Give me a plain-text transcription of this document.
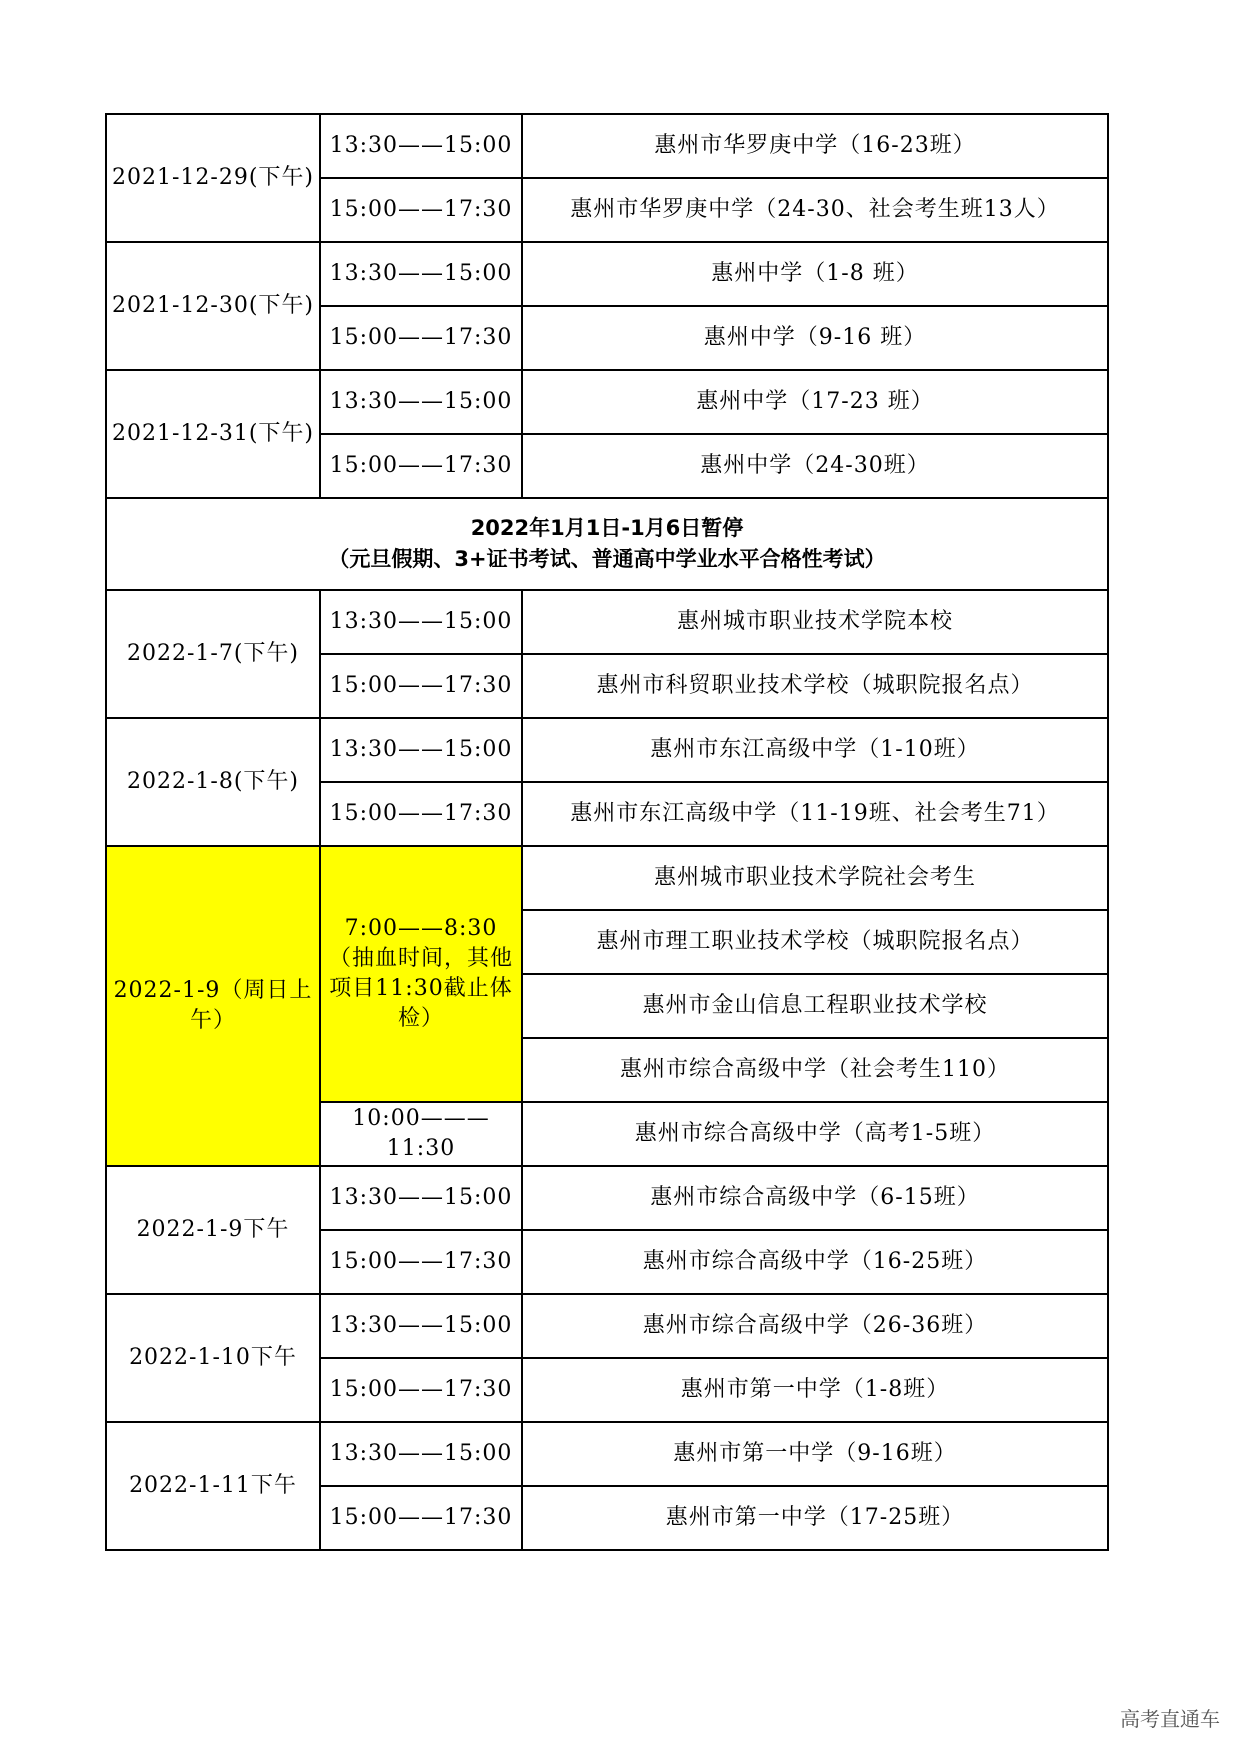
2021-12-29(下午)	13:30——15:00	惠州市华罗庚中学（16-23班）
	15:00——17:30	惠州市华罗庚中学（24-30、社会考生班13人）
2021-12-30(下午)	13:30——15:00	惠州中学（1-8 班）
	15:00——17:30	惠州中学（9-16 班）
2021-12-31(下午)	13:30——15:00	惠州中学（17-23 班）
	15:00——17:30	惠州中学（24-30班）

2022年1月1日-1月6日暂停
（元旦假期、3+证书考试、普通高中学业水平合格性考试）		

2022-1-7(下午)	13:30——15:00	惠州城市职业技术学院本校
	15:00——17:30	惠州市科贸职业技术学校（城职院报名点）
2022-1-8(下午)	13:30——15:00	惠州市东江高级中学（1-10班）
	15:00——17:30	惠州市东江高级中学（11-19班、社会考生71）
2022-1-9（周日上午）	7:00——8:30（抽血时间，其他项目11:30截止体检）	惠州城市职业技术学院社会考生
		惠州市理工职业技术学校（城职院报名点）
		惠州市金山信息工程职业技术学校
		惠州市综合高级中学（社会考生110）
	10:00———11:30	惠州市综合高级中学（高考1-5班）
2022-1-9下午	13:30——15:00	惠州市综合高级中学（6-15班）
	15:00——17:30	惠州市综合高级中学（16-25班）
2022-1-10下午	13:30——15:00	惠州市综合高级中学（26-36班）
	15:00——17:30	惠州市第一中学（1-8班）
2022-1-11下午	13:30——15:00	惠州市第一中学（9-16班）
	15:00——17:30	惠州市第一中学（17-25班）
高考直通车
